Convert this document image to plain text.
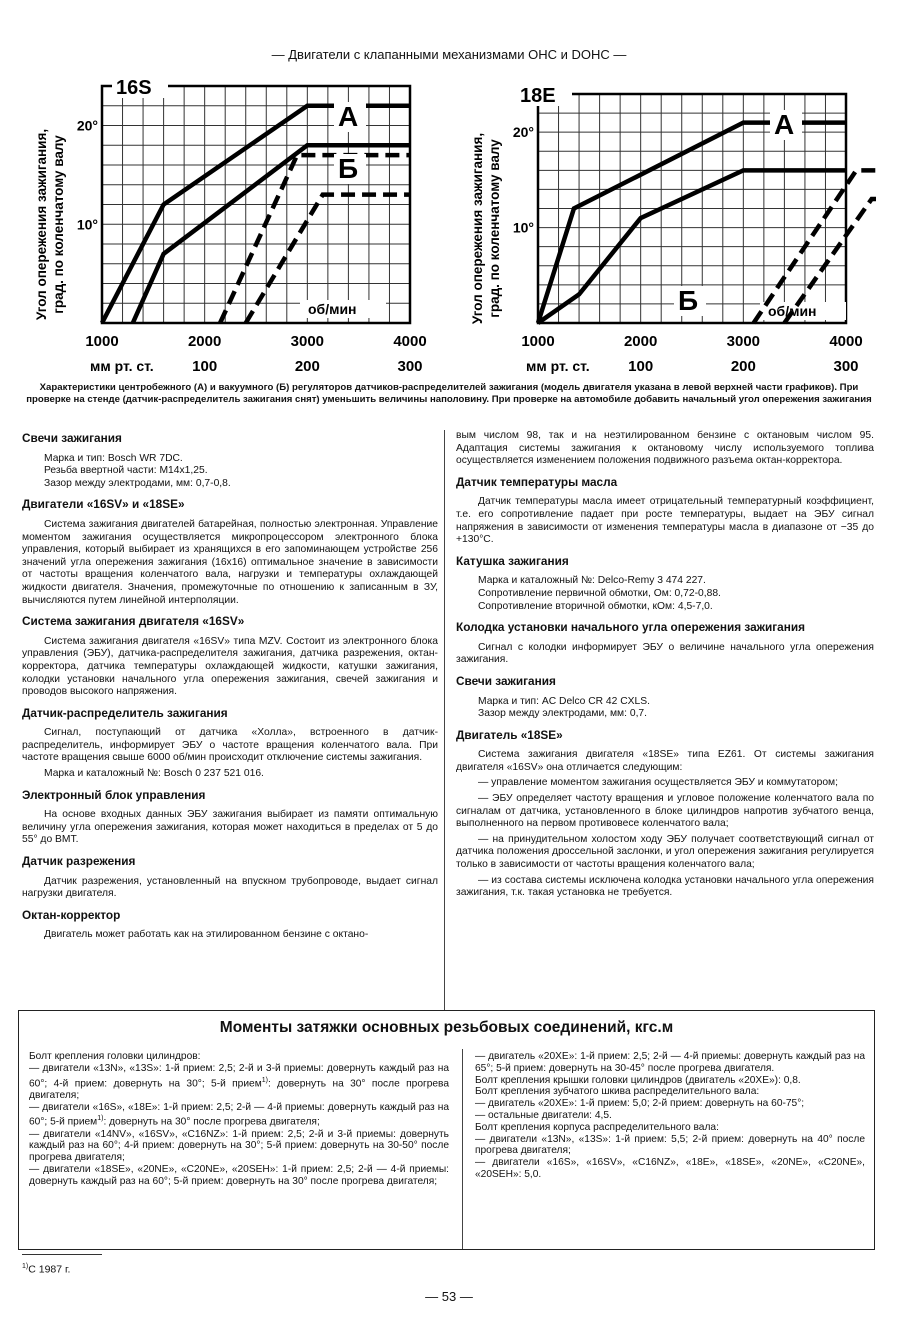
— Двигатели с клапанными механизмами OHC и DOHC —
Угол опережения зажигания, град. по коленчатому валу 10°
20°
1000	2000	3000	4000
мм рт. ст.	100	200	300
16S
об/мин
А
Б	Угол опережения зажигания, град. по коленчатому валу 10°
20°
1000	2000	3000	4000
мм рт. ст.	100	200	300
18E
об/мин
А
Б
Характеристики центробежного (А) и вакуумного (Б) регуляторов датчиков-распределителей зажигания (модель двигателя указана в левой верхней части графиков). При проверке на стенде (датчик-распределитель зажигания снят) уменьшить величины наполовину. При проверке на автомобиле добавить начальный угол опережения зажигания
Свечи зажигания
Марка и тип: Bosch WR 7DC.
Резьба ввертной части: M14x1,25.
Зазор между электродами, мм: 0,7-0,8.
Двигатели «16SV» и «18SE»

Система зажигания двигателей батарейная, полностью электронная. Управление моментом зажигания осуществляется микропроцессором электронного блока управления, который выбирает из хранящихся в его запоминающем устройстве 256 значений угла опережения зажигания (16x16) оптимальное значение в зависимости от частоты вращения коленчатого вала, нагрузки и температуры охлаждающей жидкости двигателя. Значения, промежуточные по отношению к записанным в ЗУ, вычисляются путем линейной интерполяции.

Система зажигания двигателя «16SV»

Система зажигания двигателя «16SV» типа MZV. Состоит из электронного блока управления (ЭБУ), датчика-распределителя зажигания, датчика разрежения, октан-корректора, датчика температуры охлаждающей жидкости, катушки зажигания, колодки установки начального угла опережения зажигания, свечей зажигания и проводов высокого напряжения.

Датчик-распределитель зажигания

Сигнал, поступающий от датчика «Холла», встроенного в датчик-распределитель, информирует ЭБУ о частоте вращения коленчатого вала. При частоте вращения свыше 6000 об/мин происходит отключение системы зажигания.

Марка и каталожный №: Bosch 0 237 521 016.

Электронный блок управления

На основе входных данных ЭБУ зажигания выбирает из памяти оптимальную величину угла опережения зажигания, которая может находиться в пределах от 5 до 55° до ВМТ.

Датчик разрежения

Датчик разрежения, установленный на впускном трубопроводе, выдает сигнал нагрузки двигателя.

Октан-корректор

Двигатель может работать как на этилированном бензине с октано-

вым числом 98, так и на неэтилированном бензине с октановым числом 95. Адаптация системы зажигания к октановому числу используемого топлива осуществляется изменением положения подвижного разъема октан-корректора.

Датчик температуры масла

Датчик температуры масла имеет отрицательный температурный коэффициент, т.е. его сопротивление падает при росте температуры, выдает на ЭБУ сигнал напряжения в зависимости от изменения температуры масла в диапазоне от −35 до +130°C.

Катушка зажигания
Марка и каталожный №: Delco-Remy 3 474 227.
Сопротивление первичной обмотки, Ом: 0,72-0,88.
Сопротивление вторичной обмотки, кОм: 4,5-7,0.
Колодка установки начального угла опережения зажигания

Сигнал с колодки информирует ЭБУ о величине начального угла опережения зажигания.

Свечи зажигания
Марка и тип: AC Delco CR 42 CXLS.
Зазор между электродами, мм: 0,7.
Двигатель «18SE»

Система зажигания двигателя «18SE» типа EZ61. От системы зажигания двигателя «16SV» она отличается следующим:

— управление моментом зажигания осуществляется ЭБУ и коммутатором;

— ЭБУ определяет частоту вращения и угловое положение коленчатого вала по сигналам от датчика, установленного в блоке цилиндров напротив зубчатого венца, выполненного на первом противовесе коленчатого вала;

— на принудительном холостом ходу ЭБУ получает соответствующий сигнал от датчика положения дроссельной заслонки, и угол опережения зажигания регулируется только в зависимости от частоты вращения коленчатого вала;

— из состава системы исключена колодка установки начального угла опережения зажигания, т.к. такая установка не требуется.

Моменты затяжки основных резьбовых соединений, кгс.м

Болт крепления головки цилиндров:

— двигатели «13N», «13S»: 1-й прием: 2,5; 2-й и 3-й приемы: довернуть каждый раз на 60°; 4-й прием: довернуть на 30°; 5-й прием$^{1)}$: довернуть на 30° после прогрева двигателя;

— двигатели «16S», «18E»: 1-й прием: 2,5; 2-й — 4-й приемы: довернуть каждый раз на 60°; 5-й прием$^{1)}$: довернуть на 30° после прогрева двигателя;

— двигатели «14NV», «16SV», «C16NZ»: 1-й прием: 2,5; 2-й и 3-й приемы: довернуть каждый раз на 60°; 4-й прием: довернуть на 30°; 5-й прием: довернуть на 30-50° после прогрева двигателя;

— двигатели «18SE», «20NE», «C20NE», «20SEH»: 1-й прием: 2,5; 2-й — 4-й приемы: довернуть каждый раз на 60°; 5-й прием: довернуть на 30° после прогрева двигателя;

— двигатель «20XE»: 1-й прием: 2,5; 2-й — 4-й приемы: довернуть каждый раз на 65°; 5-й прием: довернуть на 30-45° после прогрева двигателя.

Болт крепления крышки головки цилиндров (двигатель «20XE»): 0,8.

Болт крепления зубчатого шкива распределительного вала:

— двигатель «20XE»: 1-й прием: 5,0; 2-й прием: довернуть на 60-75°;

— остальные двигатели: 4,5.

Болт крепления корпуса распределительного вала:

— двигатели «13N», «13S»: 1-й прием: 5,5; 2-й прием: довернуть на 40° после прогрева двигателя;

— двигатели «16S», «16SV», «C16NZ», «18E», «18SE», «20NE», «C20NE», «20SEH»: 5,0.

$^{1)}$С 1987 г.
— 53 —
